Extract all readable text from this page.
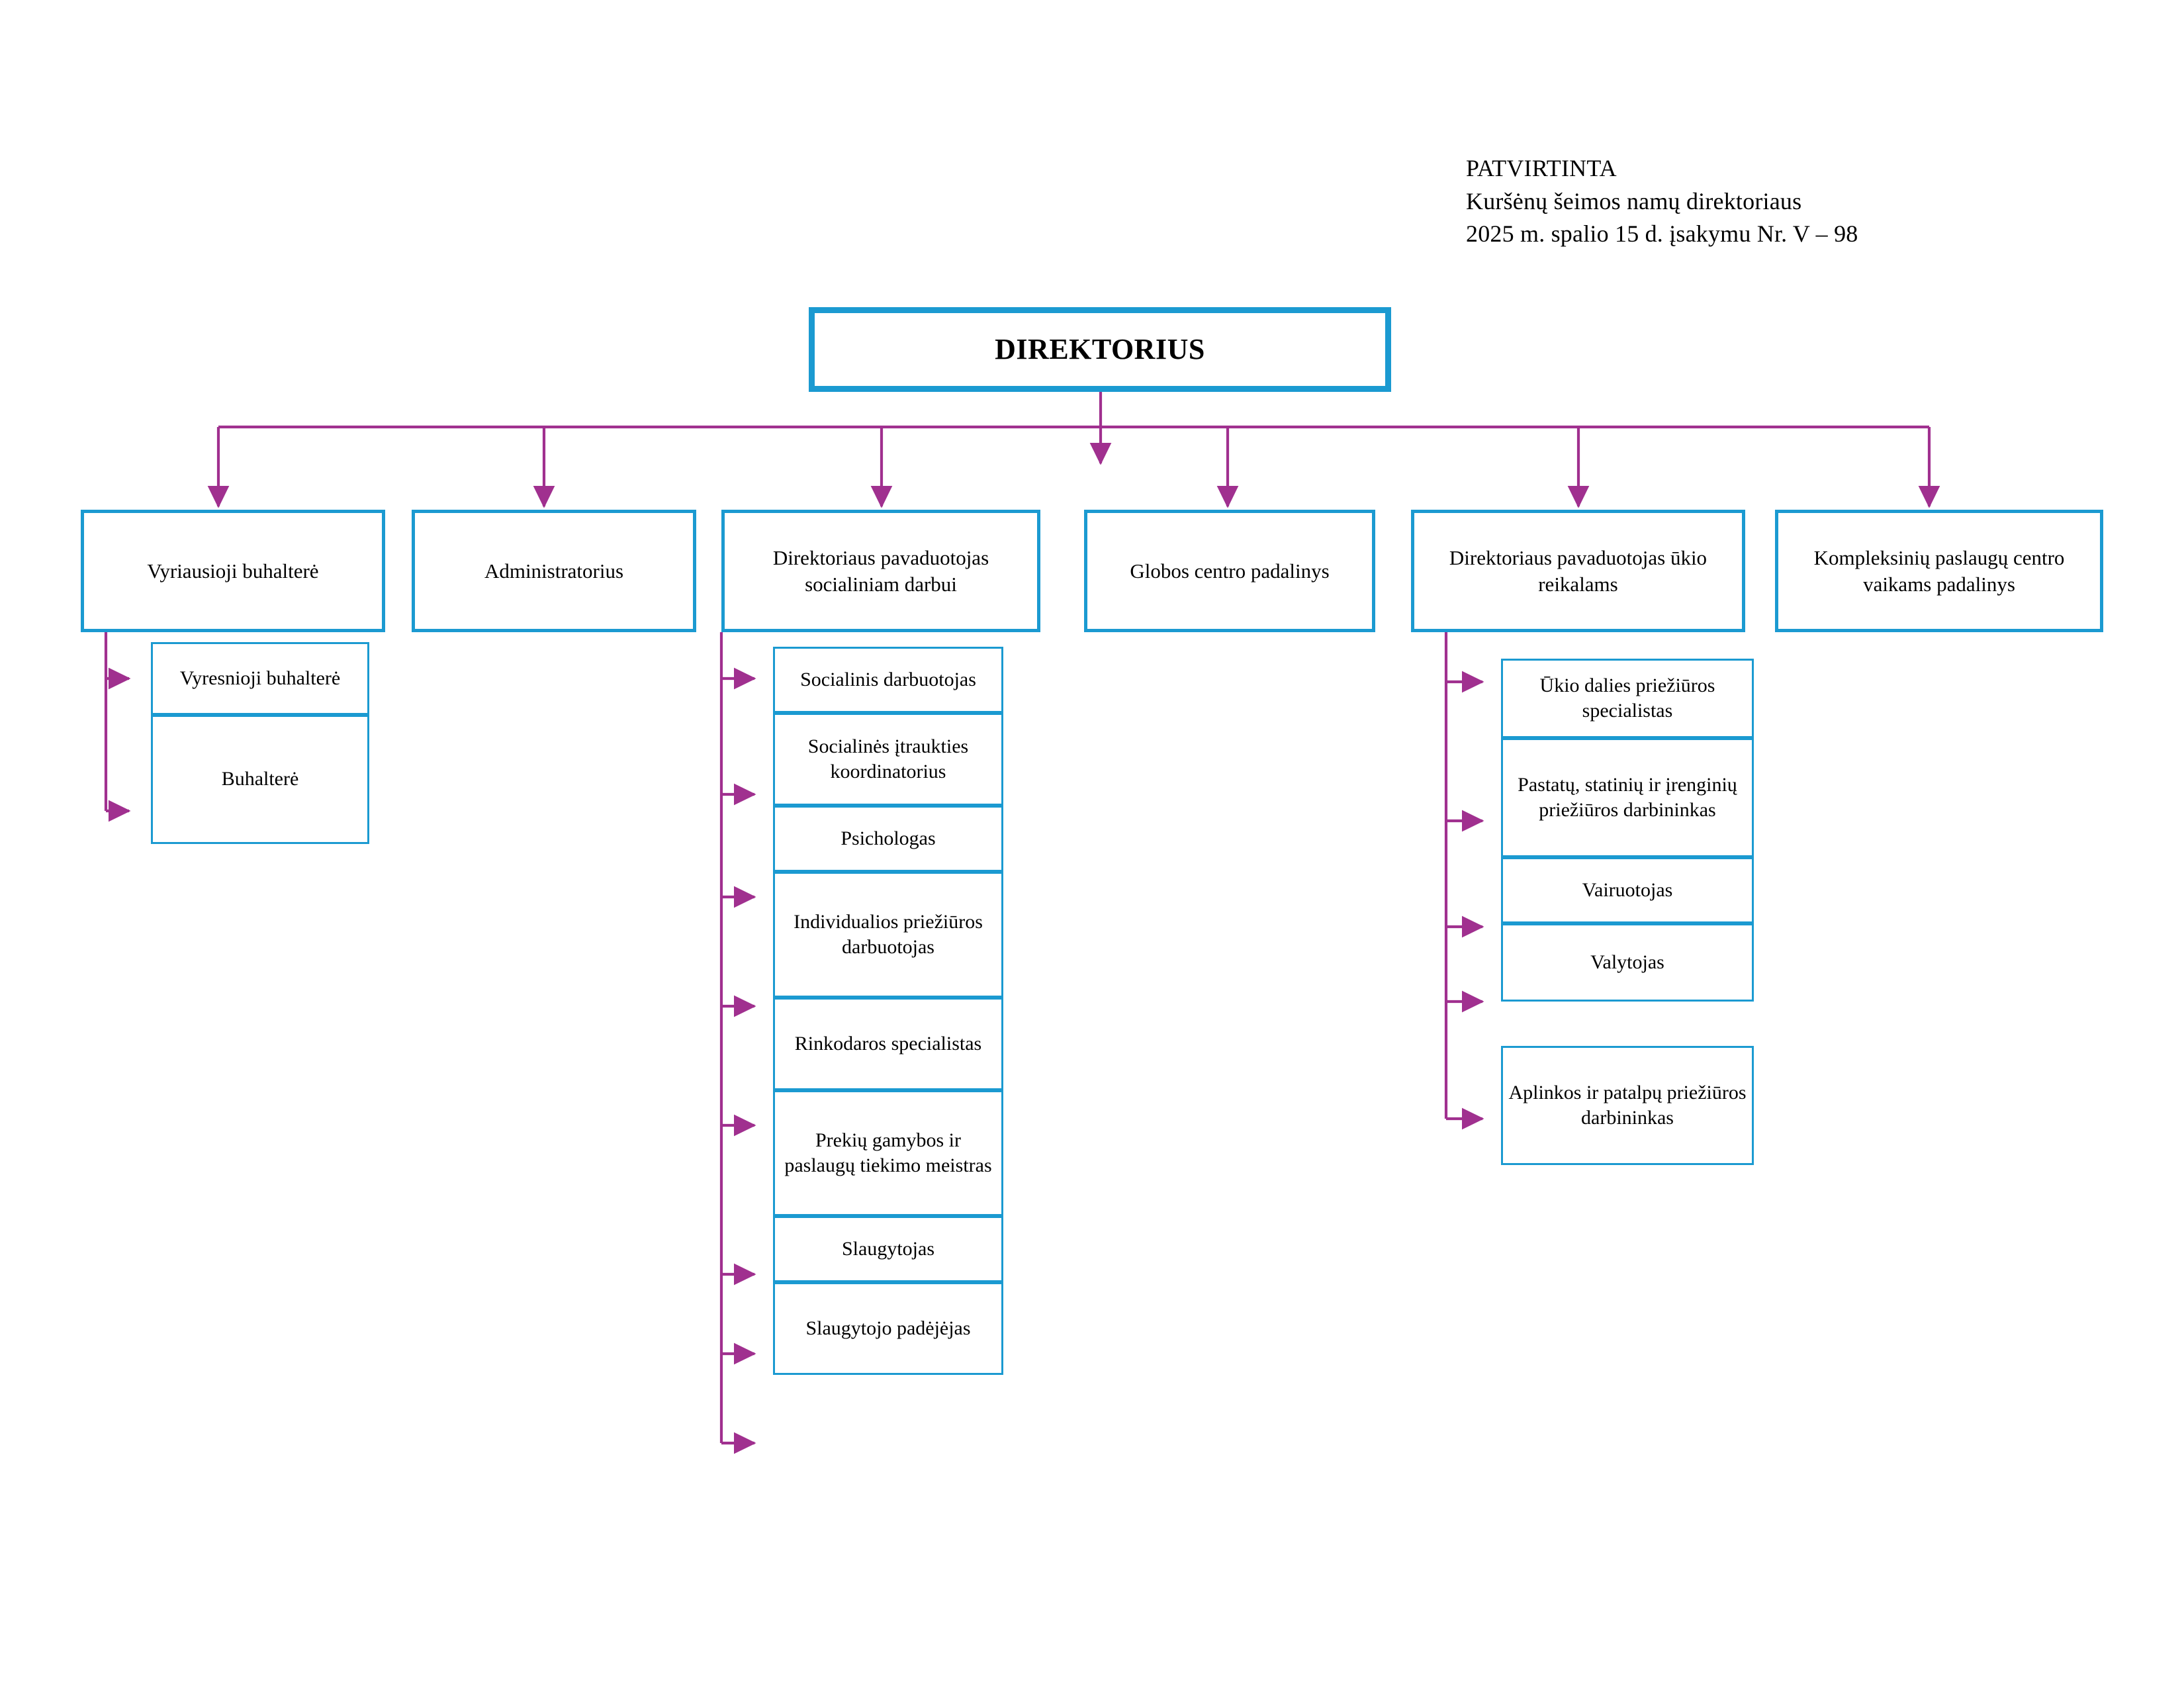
PATVIRTINTA
Kuršėnų šeimos namų direktoriaus
2025 m. spalio 15 d. įsakymu Nr. V – 98
DIREKTORIUS
Vyriausioji buhalterė	Administratorius
Direktoriaus pavaduotojas socialiniam darbui
Globos centro padalinys
Direktoriaus pavaduotojas ūkio reikalams
Kompleksinių paslaugų centro vaikams padalinys
Vyresnioji buhalterė
Buhalterė
Socialinis darbuotojas
Socialinės įtraukties koordinatorius
Psichologas
Individualios priežiūros darbuotojas
Rinkodaros specialistas
Prekių gamybos ir paslaugų tiekimo meistras
Slaugytojas
Slaugytojo padėjėjas
Ūkio dalies priežiūros specialistas
Pastatų, statinių ir įrenginių priežiūros darbininkas
Vairuotojas
Valytojas
Aplinkos ir patalpų priežiūros darbininkas
